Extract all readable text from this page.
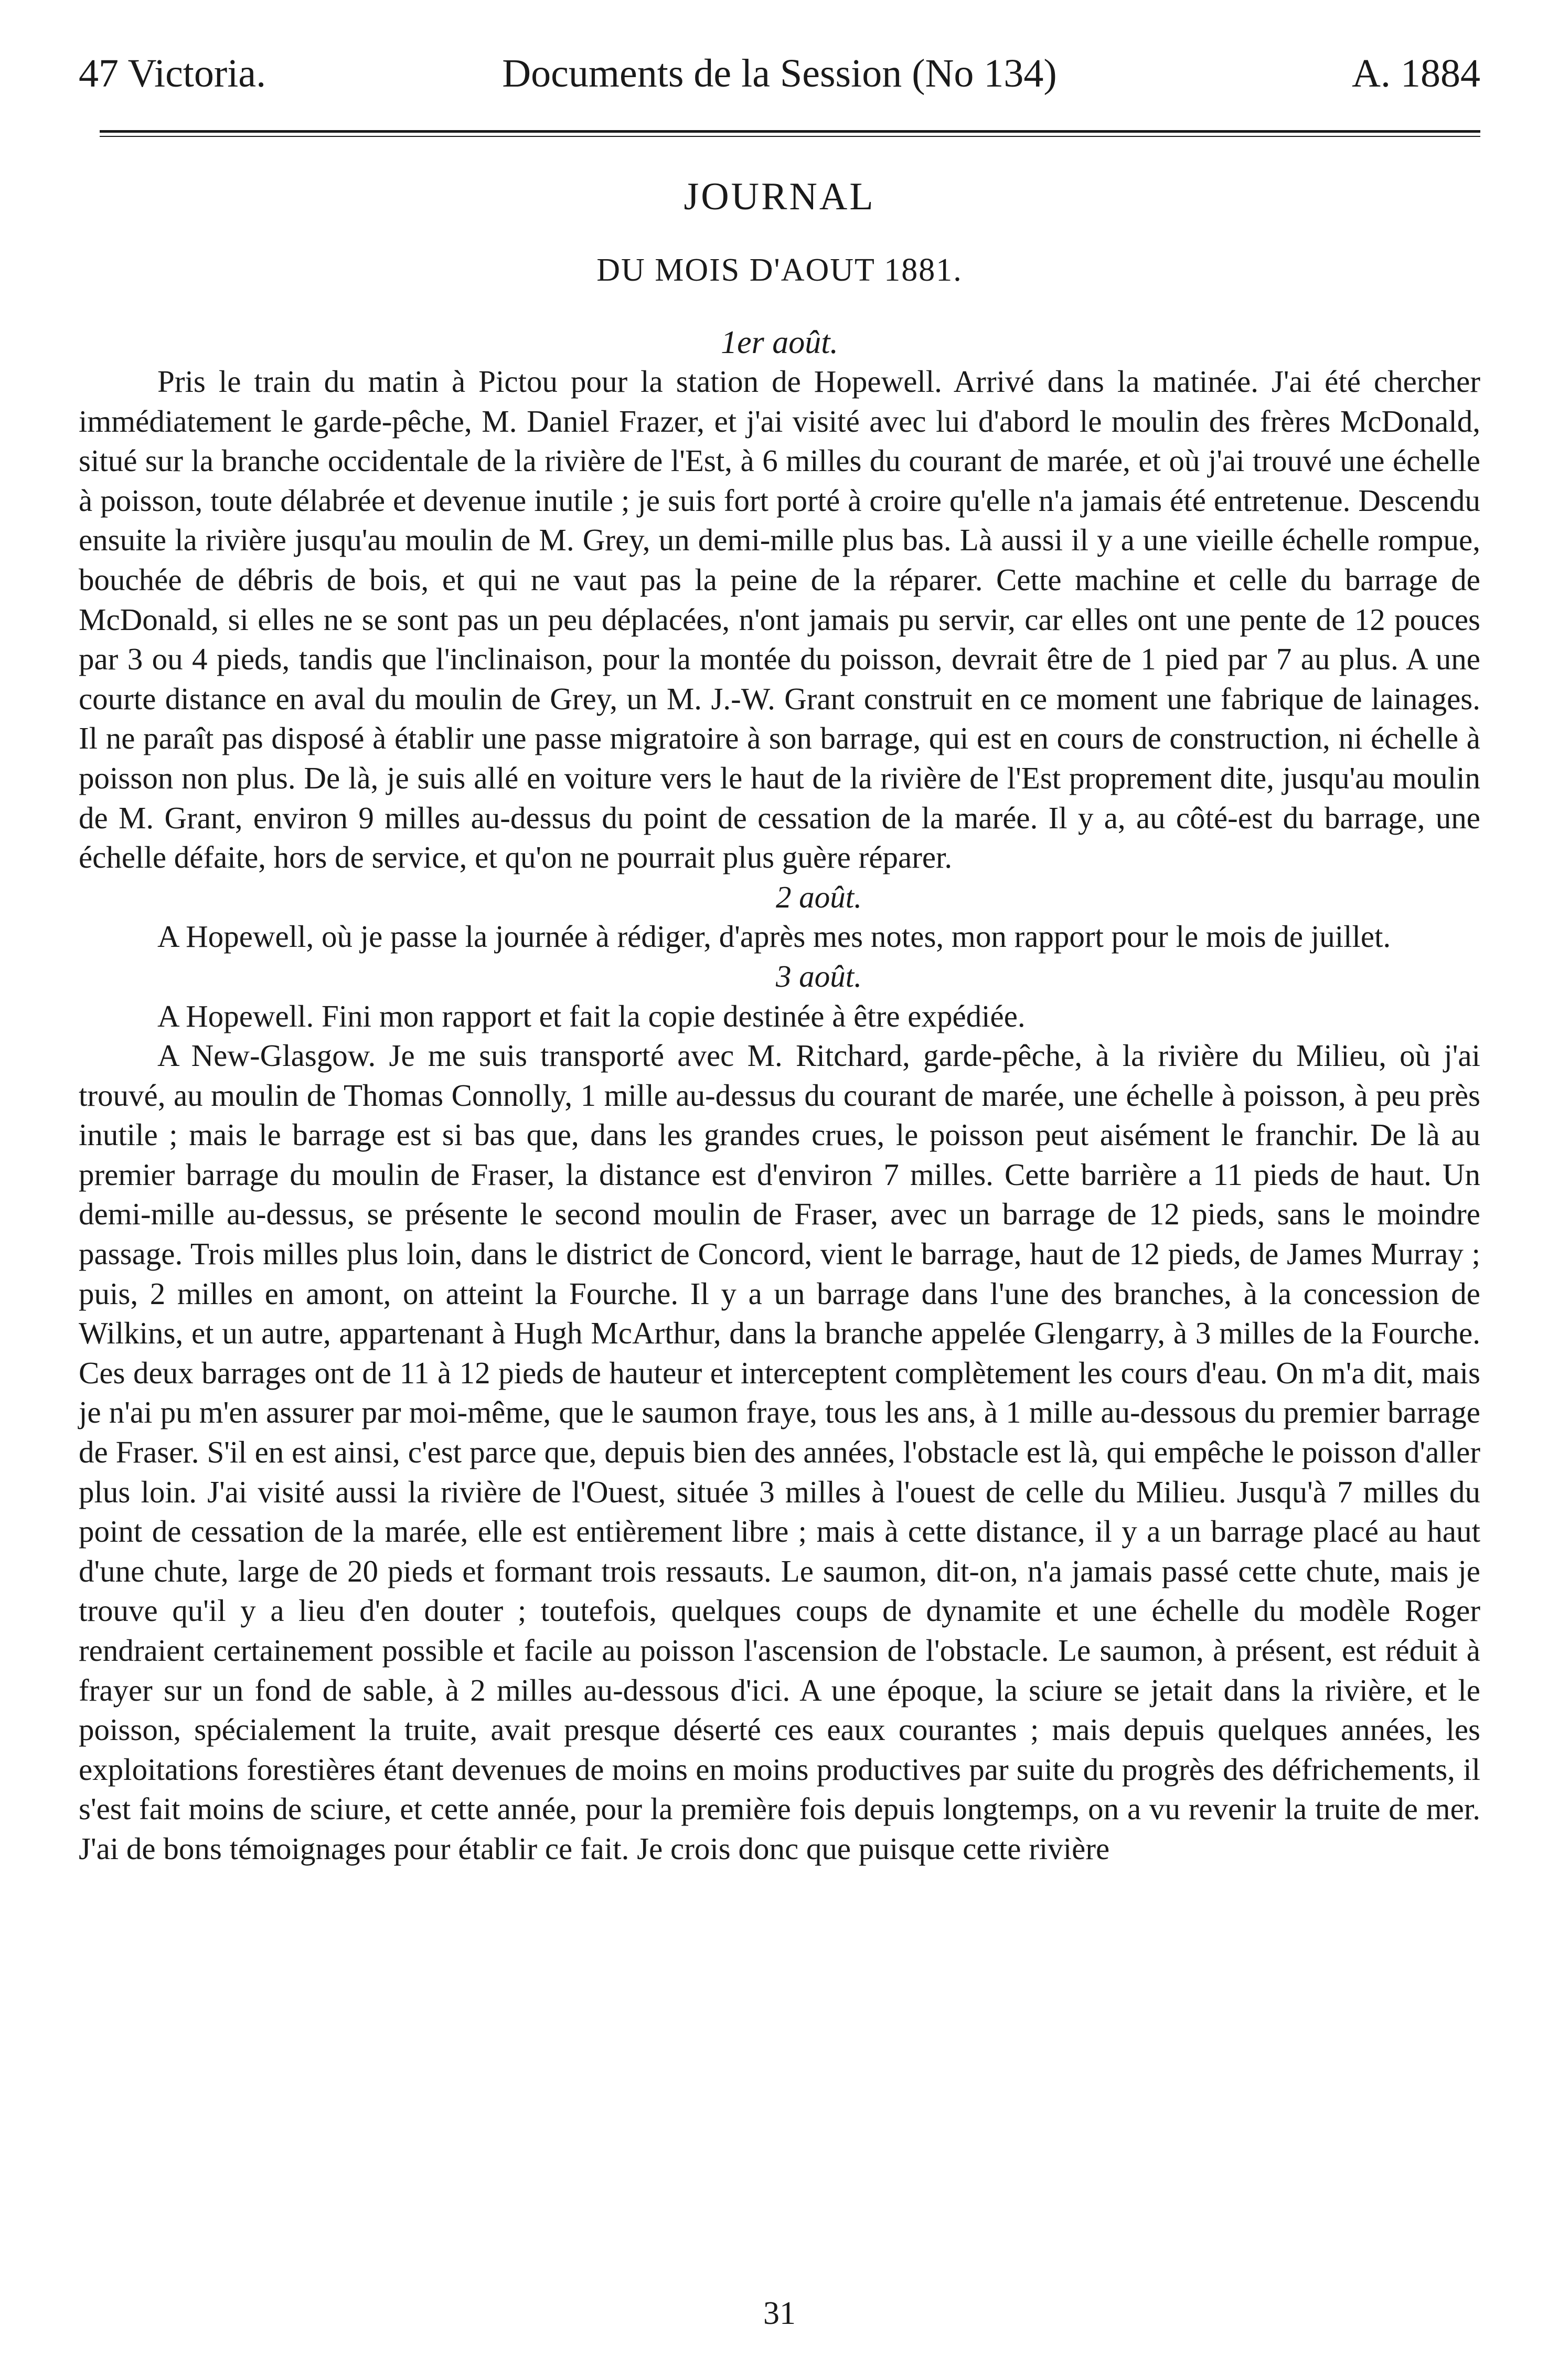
47 Victoria.	Documents de la Session (No 134)	A. 1884
JOURNAL
DU MOIS D'AOUT 1881.
1er août.

Pris le train du matin à Pictou pour la station de Hopewell. Arrivé dans la matinée. J'ai été chercher immédiatement le garde-pêche, M. Daniel Frazer, et j'ai visité avec lui d'abord le moulin des frères McDonald, situé sur la branche occidentale de la rivière de l'Est, à 6 milles du courant de marée, et où j'ai trouvé une échelle à poisson, toute délabrée et devenue inutile ; je suis fort porté à croire qu'elle n'a jamais été entretenue. Descendu ensuite la rivière jusqu'au moulin de M. Grey, un demi-mille plus bas. Là aussi il y a une vieille échelle rompue, bouchée de débris de bois, et qui ne vaut pas la peine de la réparer. Cette machine et celle du barrage de McDonald, si elles ne se sont pas un peu déplacées, n'ont jamais pu servir, car elles ont une pente de 12 pouces par 3 ou 4 pieds, tandis que l'inclinaison, pour la montée du poisson, devrait être de 1 pied par 7 au plus. A une courte distance en aval du moulin de Grey, un M. J.-W. Grant construit en ce moment une fabrique de lainages. Il ne paraît pas disposé à établir une passe migratoire à son barrage, qui est en cours de construction, ni échelle à poisson non plus. De là, je suis allé en voiture vers le haut de la rivière de l'Est proprement dite, jusqu'au moulin de M. Grant, environ 9 milles au-dessus du point de cessation de la marée. Il y a, au côté-est du barrage, une échelle défaite, hors de service, et qu'on ne pourrait plus guère réparer.

2 août.

A Hopewell, où je passe la journée à rédiger, d'après mes notes, mon rapport pour le mois de juillet.

3 août.

A Hopewell. Fini mon rapport et fait la copie destinée à être expédiée.

A New-Glasgow. Je me suis transporté avec M. Ritchard, garde-pêche, à la rivière du Milieu, où j'ai trouvé, au moulin de Thomas Connolly, 1 mille au-dessus du courant de marée, une échelle à poisson, à peu près inutile ; mais le barrage est si bas que, dans les grandes crues, le poisson peut aisément le franchir. De là au premier barrage du moulin de Fraser, la distance est d'environ 7 milles. Cette barrière a 11 pieds de haut. Un demi-mille au-dessus, se présente le second moulin de Fraser, avec un barrage de 12 pieds, sans le moindre passage. Trois milles plus loin, dans le district de Concord, vient le barrage, haut de 12 pieds, de James Murray ; puis, 2 milles en amont, on atteint la Fourche. Il y a un barrage dans l'une des branches, à la concession de Wilkins, et un autre, appartenant à Hugh McArthur, dans la branche appelée Glengarry, à 3 milles de la Fourche. Ces deux barrages ont de 11 à 12 pieds de hauteur et interceptent complètement les cours d'eau. On m'a dit, mais je n'ai pu m'en assurer par moi-même, que le saumon fraye, tous les ans, à 1 mille au-dessous du premier barrage de Fraser. S'il en est ainsi, c'est parce que, depuis bien des années, l'obstacle est là, qui empêche le poisson d'aller plus loin. J'ai visité aussi la rivière de l'Ouest, située 3 milles à l'ouest de celle du Milieu. Jusqu'à 7 milles du point de cessation de la marée, elle est entièrement libre ; mais à cette distance, il y a un barrage placé au haut d'une chute, large de 20 pieds et formant trois ressauts. Le saumon, dit-on, n'a jamais passé cette chute, mais je trouve qu'il y a lieu d'en douter ; toutefois, quelques coups de dynamite et une échelle du modèle Roger rendraient certainement possible et facile au poisson l'ascension de l'obstacle. Le saumon, à présent, est réduit à frayer sur un fond de sable, à 2 milles au-dessous d'ici. A une époque, la sciure se jetait dans la rivière, et le poisson, spécialement la truite, avait presque déserté ces eaux courantes ; mais depuis quelques années, les exploitations forestières étant devenues de moins en moins productives par suite du progrès des défrichements, il s'est fait moins de sciure, et cette année, pour la première fois depuis longtemps, on a vu revenir la truite de mer. J'ai de bons témoignages pour établir ce fait. Je crois donc que puisque cette rivière

31
